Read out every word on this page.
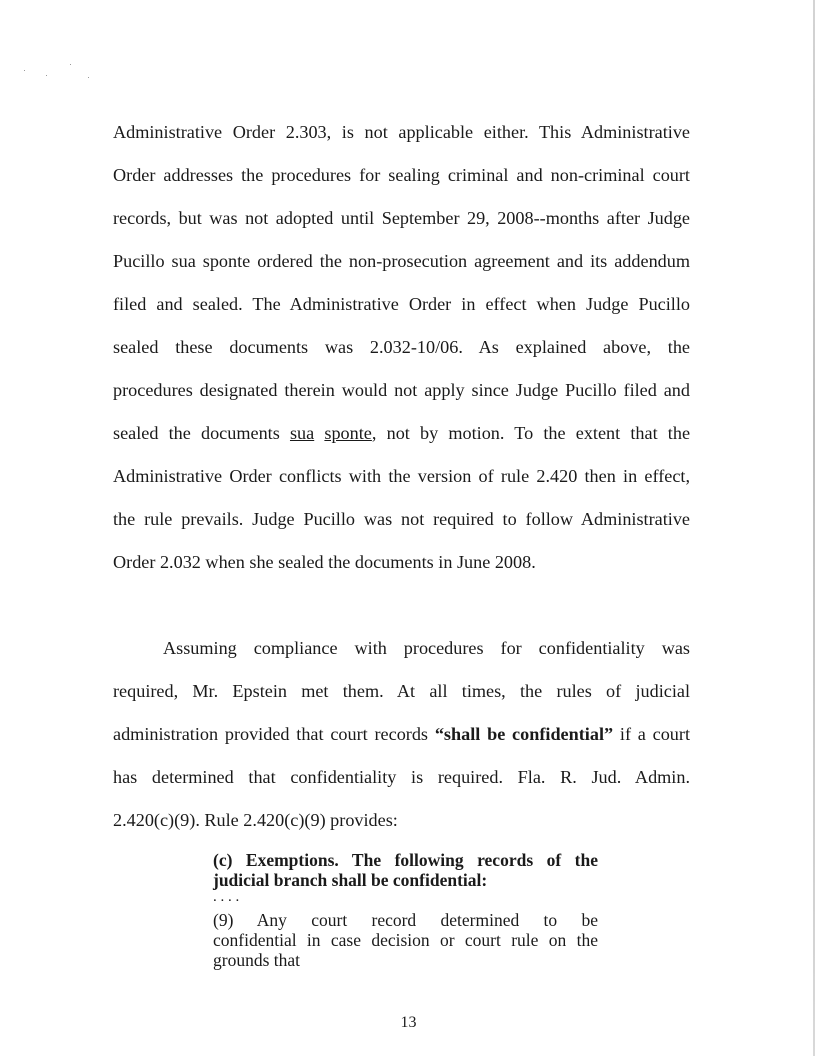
Administrative Order 2.303, is not applicable either. This Administrative
Order addresses the procedures for sealing criminal and non-criminal court
records, but was not adopted until September 29, 2008--months after Judge
Pucillo sua sponte ordered the non-prosecution agreement and its addendum
filed and sealed. The Administrative Order in effect when Judge Pucillo
sealed these documents was 2.032-10/06. As explained above, the
procedures designated therein would not apply since Judge Pucillo filed and
sealed the documents sua sponte, not by motion. To the extent that the
Administrative Order conflicts with the version of rule 2.420 then in effect,
the rule prevails. Judge Pucillo was not required to follow Administrative
Order 2.032 when she sealed the documents in June 2008.
Assuming compliance with procedures for confidentiality was
required, Mr. Epstein met them. At all times, the rules of judicial
administration provided that court records “shall be confidential” if a court
has determined that confidentiality is required. Fla. R. Jud. Admin.
2.420(c)(9). Rule 2.420(c)(9) provides:
(c) Exemptions. The following records of the
judicial branch shall be confidential:
. . . .
(9) Any court record determined to be
confidential in case decision or court rule on the
grounds that
13
